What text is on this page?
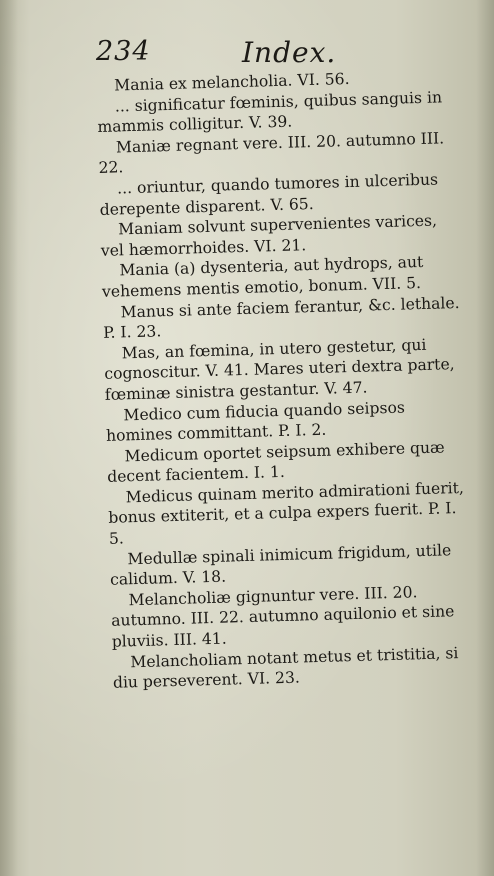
234	Index.

Mania ex melancholia. VI. 56.

... significatur fœminis, quibus sanguis in mammis colligitur. V. 39.

Maniæ regnant vere. III. 20. autumno III. 22.

... oriuntur, quando tumores in ulceribus derepente disparent. V. 65.

Maniam solvunt supervenientes varices, vel hæmorrhoides. VI. 21.

Mania (a) dysenteria, aut hydrops, aut vehemens mentis emotio, bonum. VII. 5.

Manus si ante faciem ferantur, &c. lethale. P. I. 23.

Mas, an fœmina, in utero gestetur, qui cognoscitur. V. 41. Mares uteri dextra parte, fœminæ sinistra gestantur. V. 47.

Medico cum fiducia quando seipsos homines committant. P. I. 2.

Medicum oportet seipsum exhibere quæ decent facientem. I. 1.

Medicus quinam merito admirationi fuerit, bonus extiterit, et a culpa expers fuerit. P. I. 5.

Medullæ spinali inimicum frigidum, utile calidum. V. 18.

Melancholiæ gignuntur vere. III. 20. autumno. III. 22. autumno aquilonio et sine pluviis. III. 41.

Melancholiam notant metus et tristitia, si diu perseverent. VI. 23.
